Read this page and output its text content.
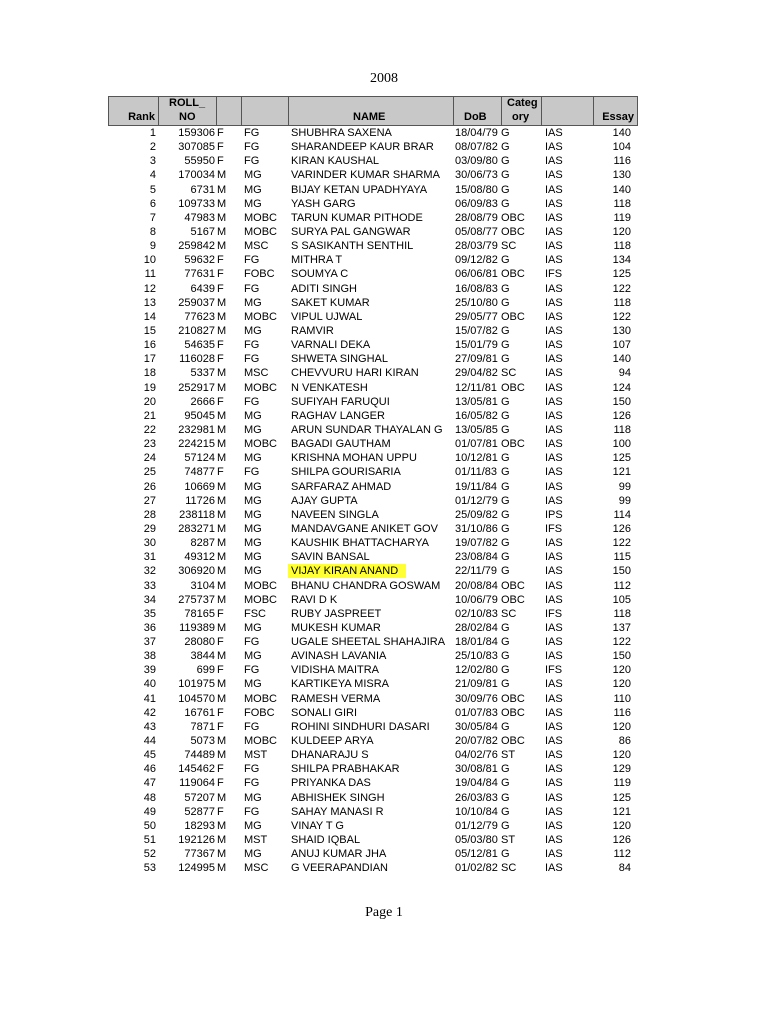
2008
Rank
ROLL_
NO	NAME	DoB
Categ
ory	Essay
1	159306 F	FG	SHUBHRA SAXENA	18/04/79 G	IAS	140
2	307085 F	FG	SHARANDEEP KAUR BRAR	08/07/82 G	IAS	104
3	55950 F	FG	KIRAN KAUSHAL	03/09/80 G	IAS	116
4	170034 M	MG	VARINDER KUMAR SHARMA	30/06/73 G	IAS	130
5	6731 M	MG	BIJAY KETAN UPADHYAYA	15/08/80 G	IAS	140
6	109733 M	MG	YASH GARG	06/09/83 G	IAS	118
7	47983 M	MOBC	TARUN KUMAR PITHODE	28/08/79 OBC	IAS	119
8	5167 M	MOBC	SURYA PAL GANGWAR	05/08/77 OBC	IAS	120
9	259842 M	MSC	S SASIKANTH SENTHIL	28/03/79 SC	IAS	118
10	59632 F	FG	MITHRA T	09/12/82 G	IAS	134
11	77631 F	FOBC	SOUMYA C	06/06/81 OBC	IFS	125
12	6439 F	FG	ADITI SINGH	16/08/83 G	IAS	122
13	259037 M	MG	SAKET KUMAR	25/10/80 G	IAS	118
14	77623 M	MOBC	VIPUL UJWAL	29/05/77 OBC	IAS	122
15	210827 M	MG	RAMVIR	15/07/82 G	IAS	130
16	54635 F	FG	VARNALI DEKA	15/01/79 G	IAS	107
17	116028 F	FG	SHWETA SINGHAL	27/09/81 G	IAS	140
18	5337 M	MSC	CHEVVURU HARI KIRAN	29/04/82 SC	IAS	94
19	252917 M	MOBC	N VENKATESH	12/11/81 OBC	IAS	124
20	2666 F	FG	SUFIYAH FARUQUI	13/05/81 G	IAS	150
21	95045 M	MG	RAGHAV LANGER	16/05/82 G	IAS	126
22	232981 M	MG	ARUN SUNDAR THAYALAN G	13/05/85 G	IAS	118
23	224215 M	MOBC	BAGADI GAUTHAM	01/07/81 OBC	IAS	100
24	57124 M	MG	KRISHNA MOHAN UPPU	10/12/81 G	IAS	125
25	74877 F	FG	SHILPA GOURISARIA	01/11/83 G	IAS	121
26	10669 M	MG	SARFARAZ AHMAD	19/11/84 G	IAS	99
27	11726 M	MG	AJAY GUPTA	01/12/79 G	IAS	99
28	238118 M	MG	NAVEEN SINGLA	25/09/82 G	IPS	114
29	283271 M	MG	MANDAVGANE ANIKET GOV	31/10/86 G	IFS	126
30	8287 M	MG	KAUSHIK BHATTACHARYA	19/07/82 G	IAS	122
31	49312 M	MG	SAVIN BANSAL	23/08/84 G	IAS	115
32	306920 M	MG	VIJAY KIRAN ANAND	22/11/79 G	IAS	150
33	3104 M	MOBC	BHANU CHANDRA GOSWAM	20/08/84 OBC	IAS	112
34	275737 M	MOBC	RAVI D K	10/06/79 OBC	IAS	105
35	78165 F	FSC	RUBY JASPREET	02/10/83 SC	IFS	118
36	119389 M	MG	MUKESH KUMAR	28/02/84 G	IAS	137
37	28080 F	FG	UGALE SHEETAL SHAHAJIRA 18/01/84 G	IAS	122
38	3844 M	MG	AVINASH LAVANIA	25/10/83 G	IAS	150
39	699 F	FG	VIDISHA MAITRA	12/02/80 G	IFS	120
40	101975 M	MG	KARTIKEYA MISRA	21/09/81 G	IAS	120
41	104570 M	MOBC	RAMESH VERMA	30/09/76 OBC	IAS	110
42	16761 F	FOBC	SONALI GIRI	01/07/83 OBC	IAS	116
43	7871 F	FG	ROHINI SINDHURI DASARI	30/05/84 G	IAS	120
44	5073 M	MOBC	KULDEEP ARYA	20/07/82 OBC	IAS	86
45	74489 M	MST	DHANARAJU S	04/02/76 ST	IAS	120
46	145462 F	FG	SHILPA PRABHAKAR	30/08/81 G	IAS	129
47	119064 F	FG	PRIYANKA DAS	19/04/84 G	IAS	119
48	57207 M	MG	ABHISHEK SINGH	26/03/83 G	IAS	125
49	52877 F	FG	SAHAY MANASI R	10/10/84 G	IAS	121
50	18293 M	MG	VINAY T G	01/12/79 G	IAS	120
51	192126 M	MST	SHAID IQBAL	05/03/80 ST	IAS	126
52	77367 M	MG	ANUJ KUMAR JHA	05/12/81 G	IAS	112
53	124995 M	MSC	G VEERAPANDIAN	01/02/82 SC	IAS	84
Page 1
